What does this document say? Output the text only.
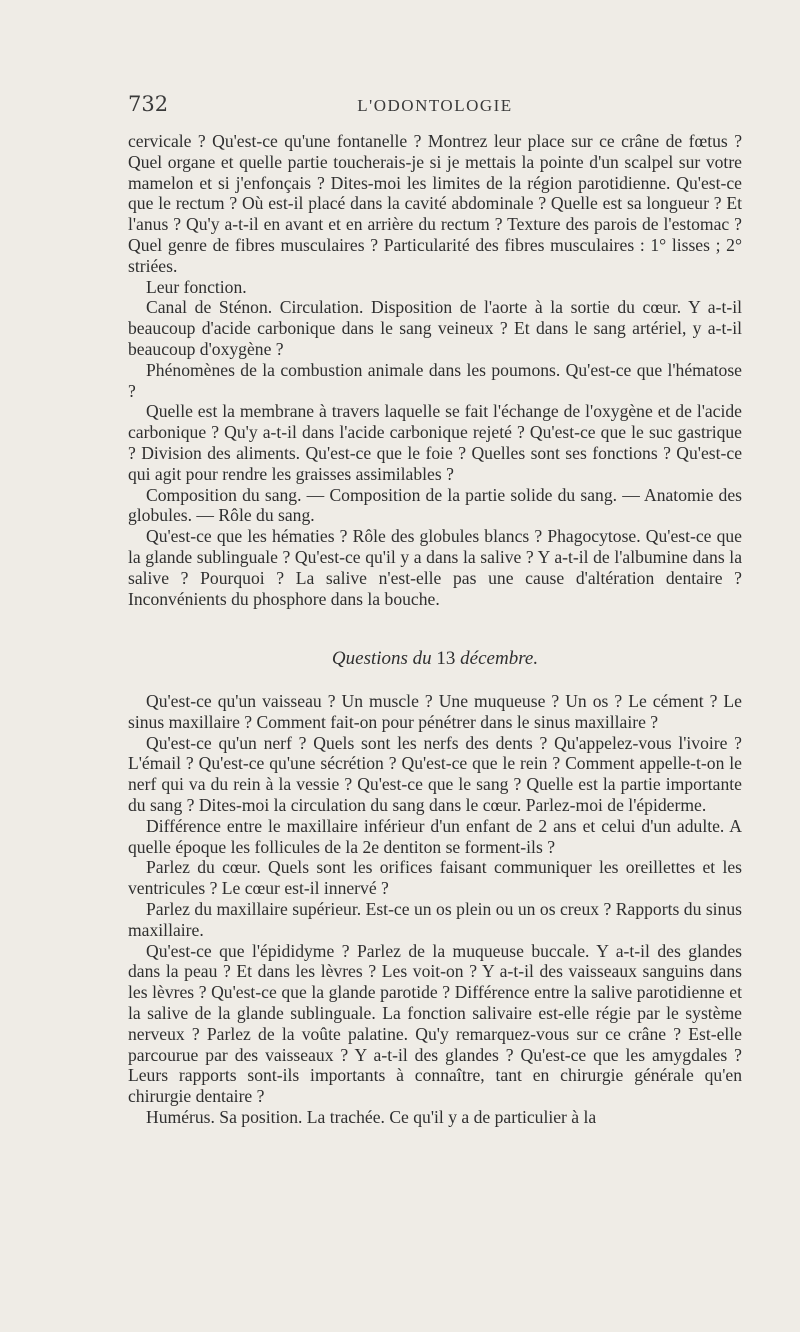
732	L'ODONTOLOGIE

cervicale ? Qu'est-ce qu'une fontanelle ? Montrez leur place sur ce crâne de fœtus ? Quel organe et quelle partie toucherais-je si je mettais la pointe d'un scalpel sur votre mamelon et si j'enfonçais ? Dites-moi les limites de la région parotidienne. Qu'est-ce que le rectum ? Où est-il placé dans la cavité abdominale ? Quelle est sa longueur ? Et l'anus ? Qu'y a-t-il en avant et en arrière du rectum ? Texture des parois de l'estomac ? Quel genre de fibres musculaires ? Particularité des fibres musculaires : 1° lisses ; 2° striées.

Leur fonction.

Canal de Sténon. Circulation. Disposition de l'aorte à la sortie du cœur. Y a-t-il beaucoup d'acide carbonique dans le sang veineux ? Et dans le sang artériel, y a-t-il beaucoup d'oxygène ?

Phénomènes de la combustion animale dans les poumons. Qu'est-ce que l'hématose ?

Quelle est la membrane à travers laquelle se fait l'échange de l'oxygène et de l'acide carbonique ? Qu'y a-t-il dans l'acide carbonique rejeté ? Qu'est-ce que le suc gastrique ? Division des aliments. Qu'est-ce que le foie ? Quelles sont ses fonctions ? Qu'est-ce qui agit pour rendre les graisses assimilables ?

Composition du sang. — Composition de la partie solide du sang. — Anatomie des globules. — Rôle du sang.

Qu'est-ce que les hématies ? Rôle des globules blancs ? Phagocytose. Qu'est-ce que la glande sublinguale ? Qu'est-ce qu'il y a dans la salive ? Y a-t-il de l'albumine dans la salive ? Pourquoi ? La salive n'est-elle pas une cause d'altération dentaire ? Inconvénients du phosphore dans la bouche.

Questions du 13 décembre.

Qu'est-ce qu'un vaisseau ? Un muscle ? Une muqueuse ? Un os ? Le cément ? Le sinus maxillaire ? Comment fait-on pour pénétrer dans le sinus maxillaire ?

Qu'est-ce qu'un nerf ? Quels sont les nerfs des dents ? Qu'appelez-vous l'ivoire ? L'émail ? Qu'est-ce qu'une sécrétion ? Qu'est-ce que le rein ? Comment appelle-t-on le nerf qui va du rein à la vessie ? Qu'est-ce que le sang ? Quelle est la partie importante du sang ? Dites-moi la circulation du sang dans le cœur. Parlez-moi de l'épiderme.

Différence entre le maxillaire inférieur d'un enfant de 2 ans et celui d'un adulte. A quelle époque les follicules de la 2e dentiton se forment-ils ?

Parlez du cœur. Quels sont les orifices faisant communiquer les oreillettes et les ventricules ? Le cœur est-il innervé ?

Parlez du maxillaire supérieur. Est-ce un os plein ou un os creux ? Rapports du sinus maxillaire.

Qu'est-ce que l'épididyme ? Parlez de la muqueuse buccale. Y a-t-il des glandes dans la peau ? Et dans les lèvres ? Les voit-on ? Y a-t-il des vaisseaux sanguins dans les lèvres ? Qu'est-ce que la glande parotide ? Différence entre la salive parotidienne et la salive de la glande sublinguale. La fonction salivaire est-elle régie par le système nerveux ? Parlez de la voûte palatine. Qu'y remarquez-vous sur ce crâne ? Est-elle parcourue par des vaisseaux ? Y a-t-il des glandes ? Qu'est-ce que les amygdales ? Leurs rapports sont-ils importants à connaître, tant en chirurgie générale qu'en chirurgie dentaire ?

Humérus. Sa position. La trachée. Ce qu'il y a de particulier à la
